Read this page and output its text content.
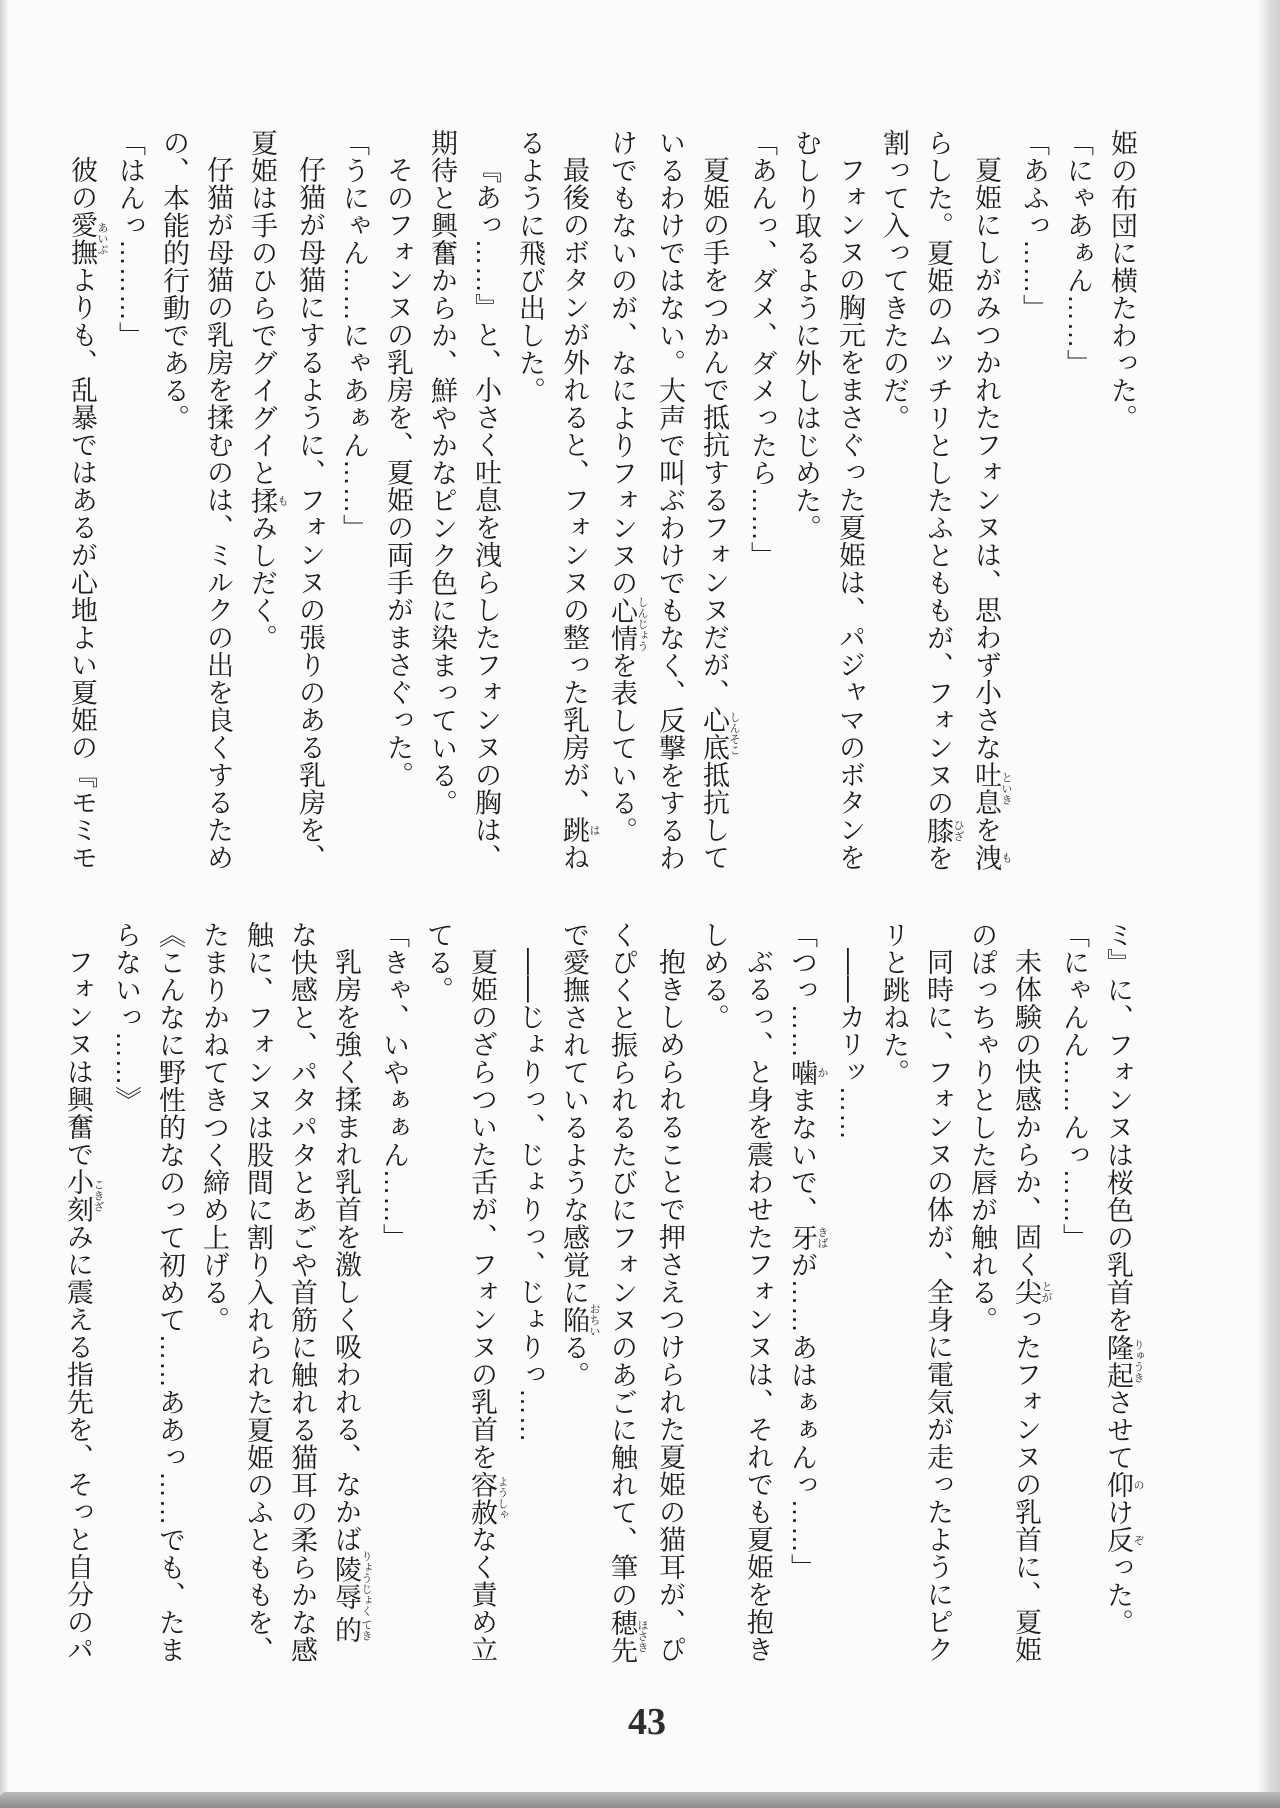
姫の布団に横たわった。
「にゃあぁん……」
「あふっ……」
夏姫にしがみつかれたフォンヌは、思わず小さな吐息 といきを洩 も
らした。夏姫のムッチリとしたふとももが、フォンヌの膝 ひざを
割って入ってきたのだ。
フォンヌの胸元をまさぐった夏姫は、パジャマのボタンを
むしり取るように外しはじめた。
「あんっ、ダメ、ダメったら……」
夏姫の手をつかんで抵抗するフォンヌだが、心底 しんそこ抵抗して
いるわけではない。大声で叫ぶわけでもなく、反撃をするわ
けでもないのが、なによりフォンヌの心情 しんじょうを表している。
最後のボタンが外れると、フォンヌの整った乳房が、跳 はね
るように飛び出した。
『あっ……』と、小さく吐息を洩らしたフォンヌの胸は、
期待と興奮からか、鮮やかなピンク色に染まっている。
そのフォンヌの乳房を、夏姫の両手がまさぐった。
「うにゃん……にゃあぁん……」
仔猫が母猫にするように、フォンヌの張りのある乳房を、
夏姫は手のひらでグイグイと揉 もみしだく。
仔猫が母猫の乳房を揉むのは、ミルクの出を良くするため
の、本能的行動である。
「はんっ………」
彼の愛撫 あいぶよりも、乱暴ではあるが心地よい夏姫の『モミモ
ミ』に、フォンヌは桜色の乳首を隆起 りゅうきさせて仰 のけ反 ぞった。
「にゃんん……んっ……」
未体験の快感からか、固く尖 とがったフォンヌの乳首に、夏姫
のぽっちゃりとした唇が触れる。
同時に、フォンヌの体が、全身に電気が走ったようにピク
リと跳ねた。
――カリッ……
「つっ……噛 かまないで、牙 きばが……あはぁぁんっ……」
ぶるっ、と身を震わせたフォンヌは、それでも夏姫を抱き
しめる。
抱きしめられることで押さえつけられた夏姫の猫耳が、ぴ
くぴくと振られるたびにフォンヌのあごに触れて、筆の穂先 ほさき
で愛撫されているような感覚に陥 おちいる。
――じょりっ、じょりっ、じょりっ……
夏姫のざらついた舌が、フォンヌの乳首を容赦 ようしゃなく責め立
てる。
「きゃ、いやぁぁん……」
乳房を強く揉まれ乳首を激しく吸われる、なかば陵辱 りょうじょく的 てき
な快感と、パタパタとあごや首筋に触れる猫耳の柔らかな感
触に、フォンヌは股間に割り入れられた夏姫のふとももを、
たまりかねてきつく締め上げる。
《こんなに野性的なのって初めて……ああっ……でも、たま
らないっ……》
フォンヌは興奮で小刻 こきざみに震える指先を、そっと自分のパ
43
